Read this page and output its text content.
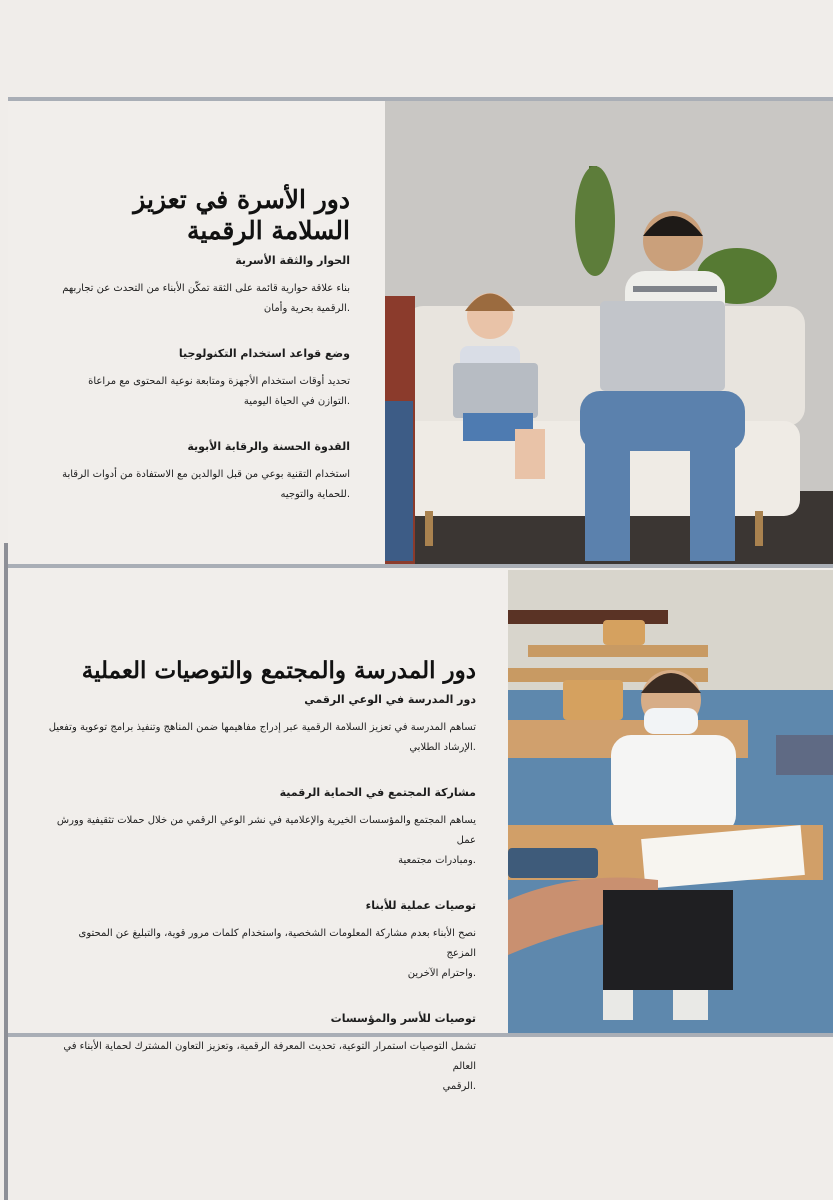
دور الأسرة في تعزيز
السلامة الرقمية

الحوار والثقة الأسرية

بناء علاقة حوارية قائمة على الثقة تمكّن الأبناء من التحدث عن تجاربهم
.الرقمية بحرية وأمان

وضع قواعد استخدام التكنولوجيا

تحديد أوقات استخدام الأجهزة ومتابعة نوعية المحتوى مع مراعاة
.التوازن في الحياة اليومية

القدوة الحسنة والرقابة الأبوية

استخدام التقنية بوعي من قبل الوالدين مع الاستفادة من أدوات الرقابة
.للحماية والتوجيه

دور المدرسة والمجتمع والتوصيات العملية

دور المدرسة في الوعي الرقمي

تساهم المدرسة في تعزيز السلامة الرقمية عبر إدراج مفاهيمها ضمن المناهج وتنفيذ برامج توعوية وتفعيل
.الإرشاد الطلابي

مشاركة المجتمع في الحماية الرقمية

يساهم المجتمع والمؤسسات الخيرية والإعلامية في نشر الوعي الرقمي من خلال حملات تثقيفية وورش عمل
.ومبادرات مجتمعية

توصيات عملية للأبناء

نصح الأبناء بعدم مشاركة المعلومات الشخصية، واستخدام كلمات مرور قوية، والتبليغ عن المحتوى المزعج
.واحترام الآخرين

توصيات للأسر والمؤسسات

تشمل التوصيات استمرار التوعية، تحديث المعرفة الرقمية، وتعزيز التعاون المشترك لحماية الأبناء في العالم
.الرقمي
